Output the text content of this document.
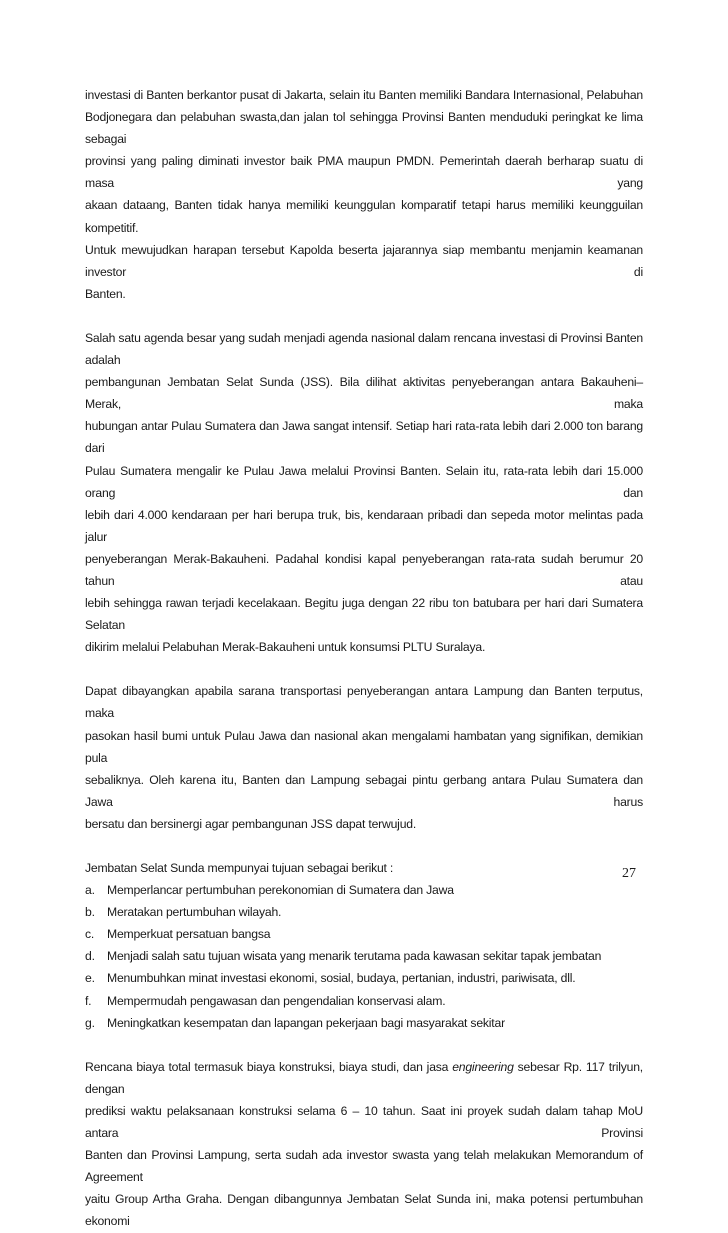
investasi di Banten berkantor pusat di Jakarta, selain itu Banten memiliki Bandara Internasional, Pelabuhan
Bodjonegara dan pelabuhan swasta,dan jalan tol sehingga Provinsi Banten menduduki peringkat ke lima sebagai
provinsi yang paling diminati investor baik PMA maupun PMDN. Pemerintah daerah berharap suatu di masa yang
akaan dataang, Banten tidak hanya memiliki keunggulan komparatif tetapi harus memiliki keungguilan kompetitif.
Untuk mewujudkan harapan tersebut Kapolda beserta jajarannya siap membantu menjamin keamanan investor di
Banten.
Salah satu agenda besar yang sudah menjadi agenda nasional dalam rencana investasi di Provinsi Banten adalah
pembangunan Jembatan Selat Sunda (JSS). Bila dilihat aktivitas penyeberangan antara Bakauheni–Merak, maka
hubungan antar Pulau Sumatera dan Jawa sangat intensif. Setiap hari rata-rata lebih dari 2.000 ton barang dari
Pulau Sumatera mengalir ke Pulau Jawa melalui Provinsi Banten. Selain itu, rata-rata lebih dari 15.000 orang dan
lebih dari 4.000 kendaraan per hari berupa truk, bis, kendaraan pribadi dan sepeda motor melintas pada jalur
penyeberangan Merak-Bakauheni. Padahal kondisi kapal penyeberangan rata-rata sudah berumur 20 tahun atau
lebih sehingga rawan terjadi kecelakaan. Begitu juga dengan 22 ribu ton batubara per hari dari Sumatera Selatan
dikirim melalui Pelabuhan Merak-Bakauheni untuk konsumsi PLTU Suralaya.
Dapat dibayangkan apabila sarana transportasi penyeberangan antara Lampung dan Banten terputus, maka
pasokan hasil bumi untuk Pulau Jawa dan nasional akan mengalami hambatan yang signifikan, demikian pula
sebaliknya. Oleh karena itu, Banten dan Lampung sebagai pintu gerbang antara Pulau Sumatera dan Jawa harus
bersatu dan bersinergi agar pembangunan JSS dapat terwujud.

Jembatan Selat Sunda mempunyai tujuan sebagai berikut :

a.	Memperlancar pertumbuhan perekonomian di Sumatera dan Jawa
b.	Meratakan pertumbuhan wilayah.
c.	Memperkuat persatuan bangsa
d.	Menjadi salah satu tujuan wisata yang menarik terutama pada kawasan sekitar tapak jembatan
e.	Menumbuhkan minat investasi ekonomi, sosial, budaya, pertanian, industri, pariwisata, dll.
f.	Mempermudah pengawasan dan pengendalian konservasi alam.
g.	Meningkatkan kesempatan dan lapangan pekerjaan bagi masyarakat sekitar
Rencana biaya total termasuk biaya konstruksi, biaya studi, dan jasa engineering sebesar Rp. 117 trilyun, dengan
prediksi waktu pelaksanaan konstruksi selama 6 – 10 tahun. Saat ini proyek sudah dalam tahap MoU antara Provinsi
Banten dan Provinsi Lampung, serta sudah ada investor swasta yang telah melakukan Memorandum of Agreement
yaitu Group Artha Graha. Dengan dibangunnya Jembatan Selat Sunda ini, maka potensi pertumbuhan ekonomi
27
